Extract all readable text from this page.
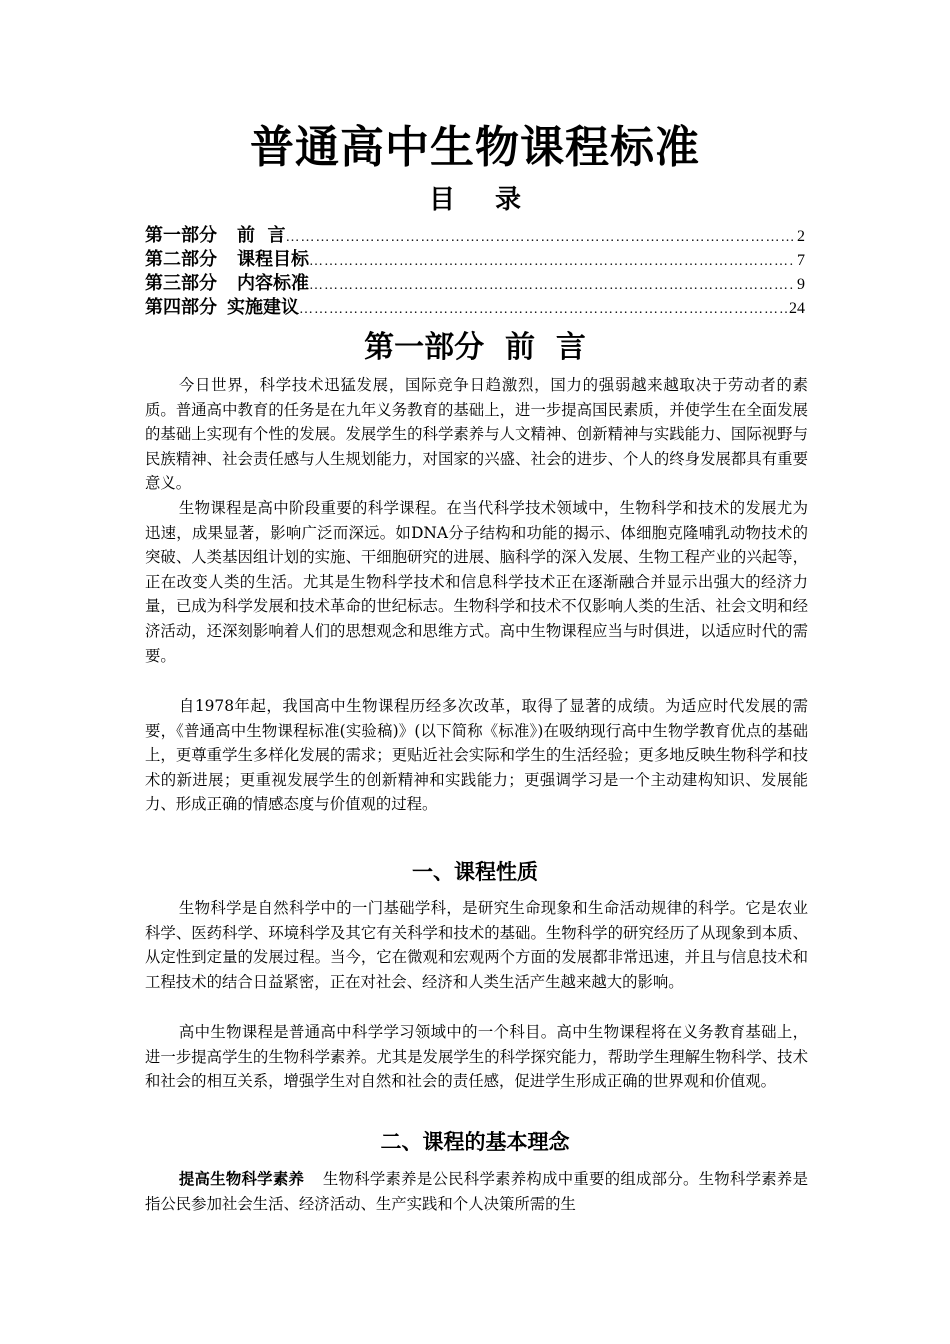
普通高中生物课程标准
目录
第一部分	前  言 …………………………………………………………………………………………………………………………………………………………………………………………………………	2
第二部分	课程目标 …………………………………………………………………………………………………………………………………………………………………………………………………………	7
第三部分	内容标准 …………………………………………………………………………………………………………………………………………………………………………………………………………	9
第四部分 实施建议 …………………………………………………………………………………………………………………………………………………………………………………………………………	24
第一部分  前  言

今日世界，科学技术迅猛发展，国际竞争日趋激烈，国力的强弱越来越取决于劳动者的素质。普通高中教育的任务是在九年义务教育的基础上，进一步提高国民素质，并使学生在全面发展的基础上实现有个性的发展。发展学生的科学素养与人文精神、创新精神与实践能力、国际视野与民族精神、社会责任感与人生规划能力，对国家的兴盛、社会的进步、个人的终身发展都具有重要意义。

生物课程是高中阶段重要的科学课程。在当代科学技术领域中，生物科学和技术的发展尤为迅速，成果显著，影响广泛而深远。如DNA分子结构和功能的揭示、体细胞克隆哺乳动物技术的突破、人类基因组计划的实施、干细胞研究的进展、脑科学的深入发展、生物工程产业的兴起等，正在改变人类的生活。尤其是生物科学技术和信息科学技术正在逐渐融合并显示出强大的经济力量，已成为科学发展和技术革命的世纪标志。生物科学和技术不仅影响人类的生活、社会文明和经济活动，还深刻影响着人们的思想观念和思维方式。高中生物课程应当与时俱进，以适应时代的需要。

自1978年起，我国高中生物课程历经多次改革，取得了显著的成绩。为适应时代发展的需要，《普通高中生物课程标准(实验稿)》(以下简称《标准》)在吸纳现行高中生物学教育优点的基础上，更尊重学生多样化发展的需求；更贴近社会实际和学生的生活经验；更多地反映生物科学和技术的新进展；更重视发展学生的创新精神和实践能力；更强调学习是一个主动建构知识、发展能力、形成正确的情感态度与价值观的过程。

一、课程性质

生物科学是自然科学中的一门基础学科，是研究生命现象和生命活动规律的科学。它是农业科学、医药科学、环境科学及其它有关科学和技术的基础。生物科学的研究经历了从现象到本质、从定性到定量的发展过程。当今，它在微观和宏观两个方面的发展都非常迅速，并且与信息技术和工程技术的结合日益紧密，正在对社会、经济和人类生活产生越来越大的影响。

高中生物课程是普通高中科学学习领域中的一个科目。高中生物课程将在义务教育基础上，进一步提高学生的生物科学素养。尤其是发展学生的科学探究能力，帮助学生理解生物科学、技术和社会的相互关系，增强学生对自然和社会的责任感，促进学生形成正确的世界观和价值观。

二、课程的基本理念

提高生物科学素养 生物科学素养是公民科学素养构成中重要的组成部分。生物科学素养是指公民参加社会生活、经济活动、生产实践和个人决策所需的生
